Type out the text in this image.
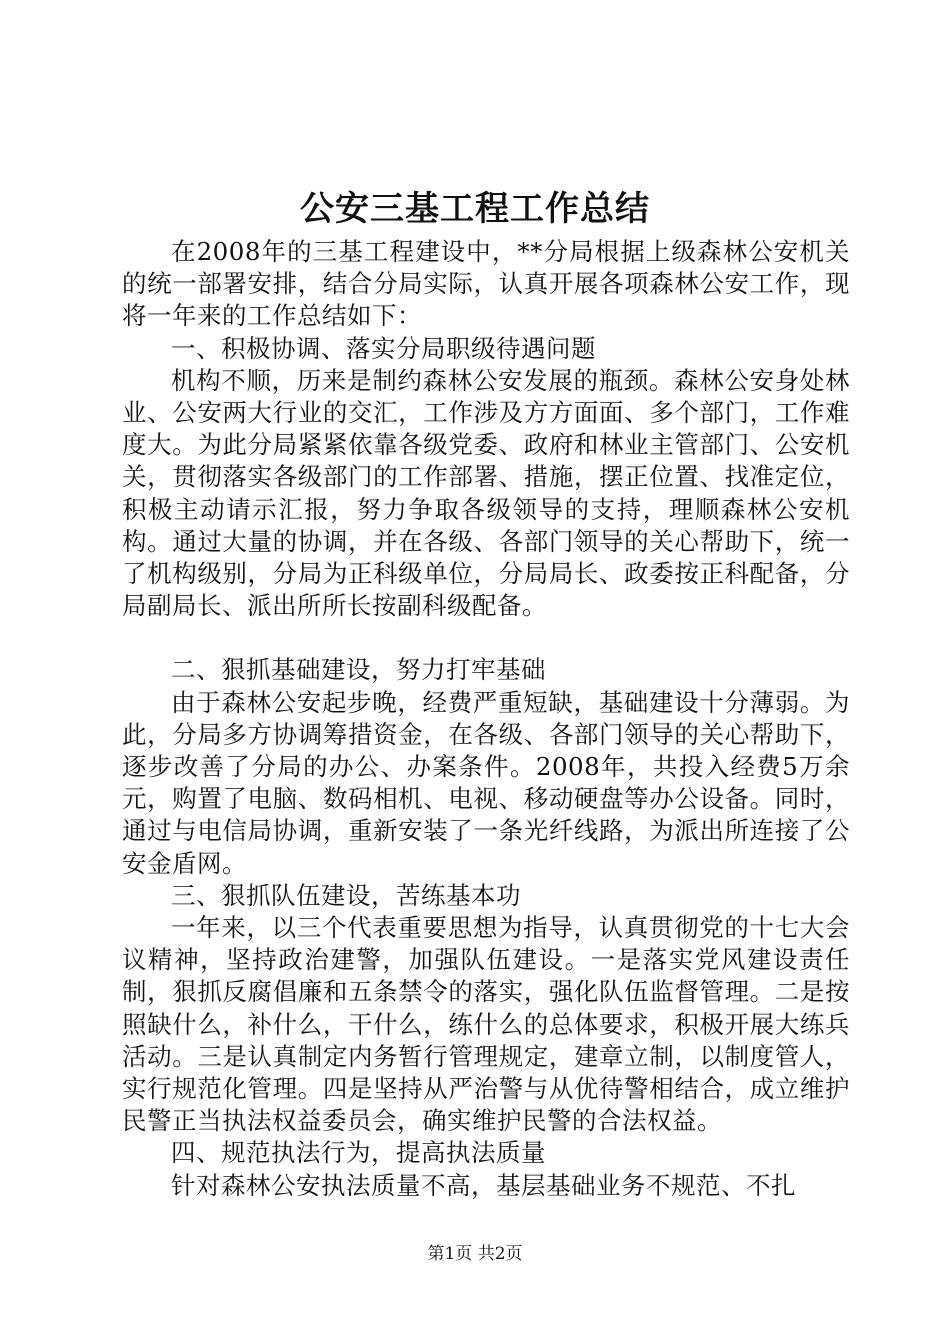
公安三基工程工作总结

在2008年的三基工程建设中，**分局根据上级森林公安机关的统一部署安排，结合分局实际，认真开展各项森林公安工作，现将一年来的工作总结如下：

一、积极协调、落实分局职级待遇问题

机构不顺，历来是制约森林公安发展的瓶颈。森林公安身处林业、公安两大行业的交汇，工作涉及方方面面、多个部门，工作难度大。为此分局紧紧依靠各级党委、政府和林业主管部门、公安机关，贯彻落实各级部门的工作部署、措施，摆正位置、找准定位，积极主动请示汇报，努力争取各级领导的支持，理顺森林公安机构。通过大量的协调，并在各级、各部门领导的关心帮助下，统一了机构级别，分局为正科级单位，分局局长、政委按正科配备，分局副局长、派出所所长按副科级配备。

二、狠抓基础建设，努力打牢基础

由于森林公安起步晚，经费严重短缺，基础建设十分薄弱。为此，分局多方协调筹措资金，在各级、各部门领导的关心帮助下，逐步改善了分局的办公、办案条件。2008年，共投入经费5万余元，购置了电脑、数码相机、电视、移动硬盘等办公设备。同时，通过与电信局协调，重新安装了一条光纤线路，为派出所连接了公安金盾网。

三、狠抓队伍建设，苦练基本功

一年来，以三个代表重要思想为指导，认真贯彻党的十七大会议精神，坚持政治建警，加强队伍建设。一是落实党风建设责任制，狠抓反腐倡廉和五条禁令的落实，强化队伍监督管理。二是按照缺什么，补什么，干什么，练什么的总体要求，积极开展大练兵活动。三是认真制定内务暂行管理规定，建章立制，以制度管人，实行规范化管理。四是坚持从严治警与从优待警相结合，成立维护民警正当执法权益委员会，确实维护民警的合法权益。

四、规范执法行为，提高执法质量

针对森林公安执法质量不高，基层基础业务不规范、不扎

第1页 共2页
